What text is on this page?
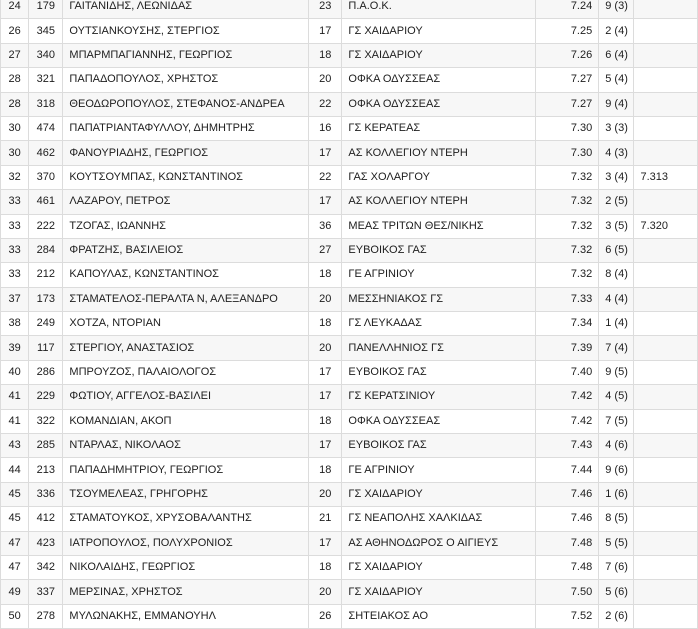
24	179	ΓΑΙΤΑΝΙΔΗΣ, ΛΕΩΝΙΔΑΣ	23	Π.Α.Ο.Κ.	7.24	9 (3)	
26	345	ΟΥΤΣΙΑΝΚΟΥΣΗΣ, ΣΤΕΡΓΙΟΣ	17	ΓΣ ΧΑΙΔΑΡΙΟΥ	7.25	2 (4)	
27	340	ΜΠΑΡΜΠΑΓΙΑΝΝΗΣ, ΓΕΩΡΓΙΟΣ	18	ΓΣ ΧΑΙΔΑΡΙΟΥ	7.26	6 (4)	
28	321	ΠΑΠΑΔΟΠΟΥΛΟΣ, ΧΡΗΣΤΟΣ	20	ΟΦΚΑ ΟΔΥΣΣΕΑΣ	7.27	5 (4)	
28	318	ΘΕΟΔΩΡΟΠΟΥΛΟΣ, ΣΤΕΦΑΝΟΣ-ΑΝΔΡΕΑ	22	ΟΦΚΑ ΟΔΥΣΣΕΑΣ	7.27	9 (4)	
30	474	ΠΑΠΑΤΡΙΑΝΤΑΦΥΛΛΟΥ, ΔΗΜΗΤΡΗΣ	16	ΓΣ ΚΕΡΑΤΕΑΣ	7.30	3 (3)	
30	462	ΦΑΝΟΥΡΙΑΔΗΣ, ΓΕΩΡΓΙΟΣ	17	ΑΣ ΚΟΛΛΕΓΙΟΥ ΝΤΕΡΗ	7.30	4 (3)	
32	370	ΚΟΥΤΣΟΥΜΠΑΣ, ΚΩΝΣΤΑΝΤΙΝΟΣ	22	ΓΑΣ ΧΟΛΑΡΓΟΥ	7.32	3 (4)	7.313
33	461	ΛΑΖΑΡΟΥ, ΠΕΤΡΟΣ	17	ΑΣ ΚΟΛΛΕΓΙΟΥ ΝΤΕΡΗ	7.32	2 (5)	
33	222	ΤΖΟΓΑΣ, ΙΩΑΝΝΗΣ	36	ΜΕΑΣ ΤΡΙΤΩΝ ΘΕΣ/ΝΙΚΗΣ	7.32	3 (5)	7.320
33	284	ΦΡΑΤΖΗΣ, ΒΑΣΙΛΕΙΟΣ	27	ΕΥΒΟΙΚΟΣ ΓΑΣ	7.32	6 (5)	
33	212	ΚΑΠΟΥΛΑΣ, ΚΩΝΣΤΑΝΤΙΝΟΣ	18	ΓΕ ΑΓΡΙΝΙΟΥ	7.32	8 (4)	
37	173	ΣΤΑΜΑΤΕΛΟΣ-ΠΕΡΑΛΤΑ Ν, ΑΛΕΞΑΝΔΡΟ	20	ΜΕΣΣΗΝΙΑΚΟΣ ΓΣ	7.33	4 (4)	
38	249	ΧΟΤΖΑ, ΝΤΟΡΙΑΝ	18	ΓΣ ΛΕΥΚΑΔΑΣ	7.34	1 (4)	
39	117	ΣΤΕΡΓΙΟΥ, ΑΝΑΣΤΑΣΙΟΣ	20	ΠΑΝΕΛΛΗΝΙΟΣ ΓΣ	7.39	7 (4)	
40	286	ΜΠΡΟΥΖΟΣ, ΠΑΛΑΙΟΛΟΓΟΣ	17	ΕΥΒΟΙΚΟΣ ΓΑΣ	7.40	9 (5)	
41	229	ΦΩΤΙΟΥ, ΑΓΓΕΛΟΣ-ΒΑΣΙΛΕΙ	17	ΓΣ ΚΕΡΑΤΣΙΝΙΟΥ	7.42	4 (5)	
41	322	ΚΟΜΑΝΔΙΑΝ, ΑΚΟΠ	18	ΟΦΚΑ ΟΔΥΣΣΕΑΣ	7.42	7 (5)	
43	285	ΝΤΑΡΛΑΣ, ΝΙΚΟΛΑΟΣ	17	ΕΥΒΟΙΚΟΣ ΓΑΣ	7.43	4 (6)	
44	213	ΠΑΠΑΔΗΜΗΤΡΙΟΥ, ΓΕΩΡΓΙΟΣ	18	ΓΕ ΑΓΡΙΝΙΟΥ	7.44	9 (6)	
45	336	ΤΣΟΥΜΕΛΕΑΣ, ΓΡΗΓΟΡΗΣ	20	ΓΣ ΧΑΙΔΑΡΙΟΥ	7.46	1 (6)	
45	412	ΣΤΑΜΑΤΟΥΚΟΣ, ΧΡΥΣΟΒΑΛΑΝΤΗΣ	21	ΓΣ ΝΕΑΠΟΛΗΣ ΧΑΛΚΙΔΑΣ	7.46	8 (5)	
47	423	ΙΑΤΡΟΠΟΥΛΟΣ, ΠΟΛΥΧΡΟΝΙΟΣ	17	ΑΣ ΑΘΗΝΟΔΩΡΟΣ Ο ΑΙΓΙΕΥΣ	7.48	5 (5)	
47	342	ΝΙΚΟΛΑΙΔΗΣ, ΓΕΩΡΓΙΟΣ	18	ΓΣ ΧΑΙΔΑΡΙΟΥ	7.48	7 (6)	
49	337	ΜΕΡΣΙΝΑΣ, ΧΡΗΣΤΟΣ	20	ΓΣ ΧΑΙΔΑΡΙΟΥ	7.50	5 (6)	
50	278	ΜΥΛΩΝΑΚΗΣ, ΕΜΜΑΝΟΥΗΛ	26	ΣΗΤΕΙΑΚΟΣ ΑΟ	7.52	2 (6)	
